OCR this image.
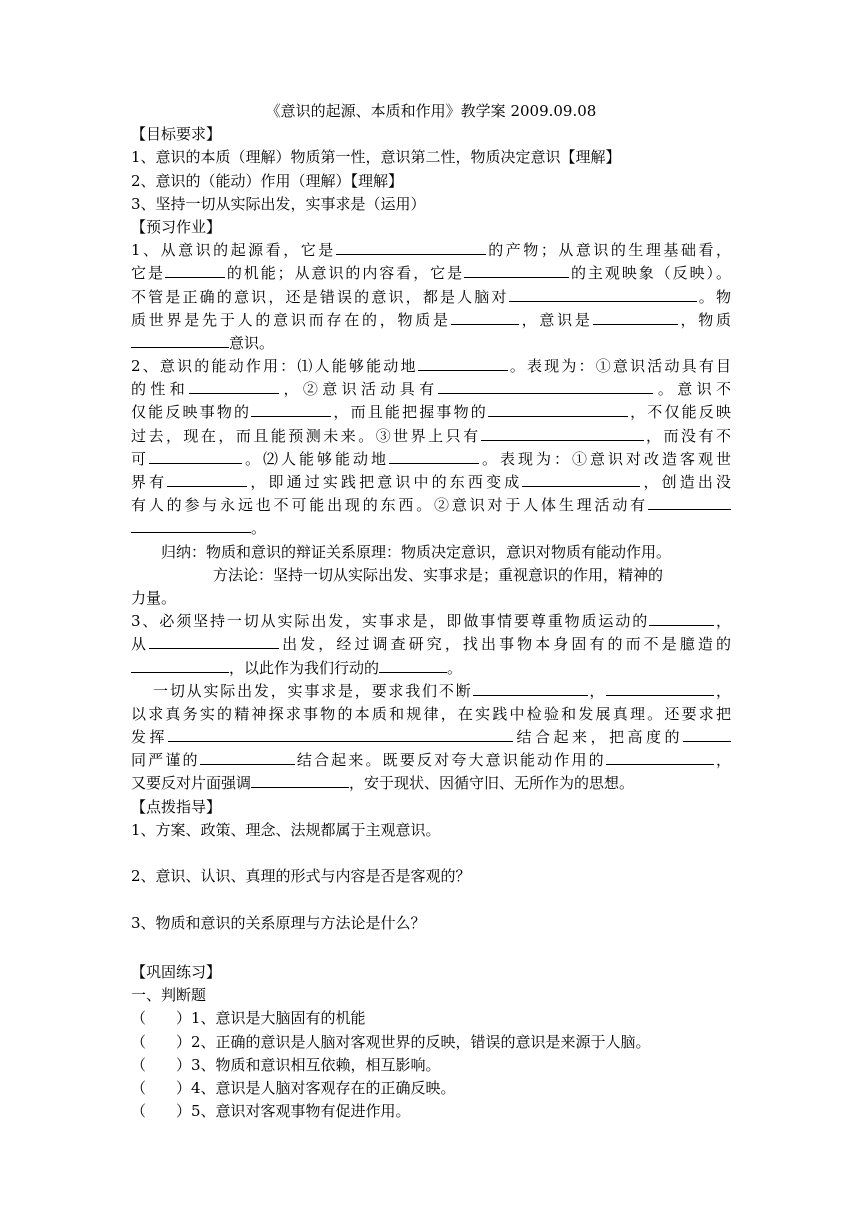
《意识的起源、本质和作用》教学案 2009.09.08
【目标要求】
1、意识的本质（理解）物质第一性，意识第二性，物质决定意识【理解】
2、意识的（能动）作用（理解）【理解】
3、坚持一切从实际出发，实事求是（运用）
【预习作业】
1、从意识的起源看，它是	的产物；从意识的生理基础看，
它是	的机能；从意识的内容看，它是	的主观映象（反映）。
不管是正确的意识，还是错误的意识，都是人脑对	。物
质世界是先于人的意识而存在的，物质是	，意识是	，物质
意识。
2、意识的能动作用：⑴人能够能动地	。表现为：①意识活动具有目
的性和	，②意识活动具有	。意识不
仅能反映事物的	，而且能把握事物的	，不仅能反映
过去，现在，而且能预测未来。③世界上只有	，而没有不
可	。⑵人能够能动地	。表现为：①意识对改造客观世
界有	，即通过实践把意识中的东西变成	，创造出没
有人的参与永远也不可能出现的东西。②意识对于人体生理活动有
。
归纳：物质和意识的辩证关系原理：物质决定意识，意识对物质有能动作用。
方法论：坚持一切从实际出发、实事求是；重视意识的作用，精神的
力量。
3、必须坚持一切从实际出发，实事求是，即做事情要尊重物质运动的	，
从	出发，经过调查研究，找出事物本身固有的而不是臆造的
，以此作为我们行动的	。
一切从实际出发，实事求是，要求我们不断	，	，
以求真务实的精神探求事物的本质和规律，在实践中检验和发展真理。还要求把
发挥	结合起来，把高度的
同严谨的	结合起来。既要反对夸大意识能动作用的	，
又要反对片面强调	，安于现状、因循守旧、无所作为的思想。
【点拨指导】
1、方案、政策、理念、法规都属于主观意识。
2、意识、认识、真理的形式与内容是否是客观的？
3、物质和意识的关系原理与方法论是什么？
【巩固练习】
一、判断题
（ ）1、意识是大脑固有的机能
（ ）2、正确的意识是人脑对客观世界的反映，错误的意识是来源于人脑。
（ ）3、物质和意识相互依赖，相互影响。
（ ）4、意识是人脑对客观存在的正确反映。
（ ）5、意识对客观事物有促进作用。
